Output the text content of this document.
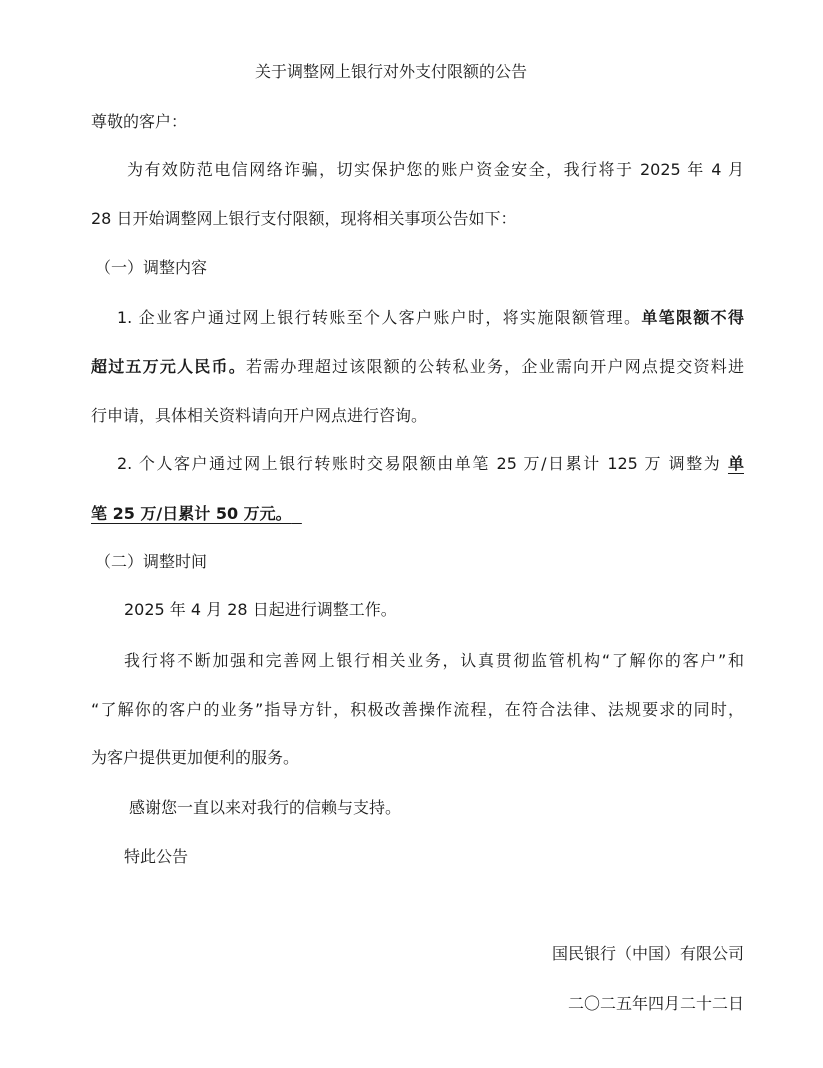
关于调整网上银行对外支付限额的公告
尊敬的客户：
为有效防范电信网络诈骗，切实保护您的账户资金安全，我行将于 2025 年 4 月
28 日开始调整网上银行支付限额，现将相关事项公告如下：
（一）调整内容
1. 企业客户通过网上银行转账至个人客户账户时，将实施限额管理。单笔限额不得
超过五万元人民币。若需办理超过该限额的公转私业务，企业需向开户网点提交资料进
行申请，具体相关资料请向开户网点进行咨询。
2. 个人客户通过网上银行转账时交易限额由单笔 25 万/日累计 125 万 调整为 单
笔 25 万/日累计 50 万元。
（二）调整时间
2025 年 4 月 28 日起进行调整工作。
我行将不断加强和完善网上银行相关业务，认真贯彻监管机构“了解你的客户”和
“了解你的客户的业务”指导方针，积极改善操作流程，在符合法律、法规要求的同时，
为客户提供更加便利的服务。
感谢您一直以来对我行的信赖与支持。
特此公告
国民银行（中国）有限公司
二〇二五年四月二十二日
